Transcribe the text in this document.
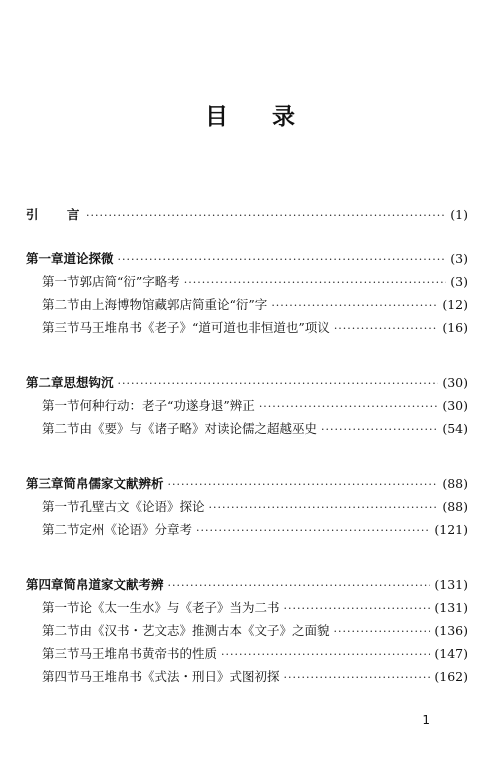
目 录
引 言 ·····	(1)
第一章 道论探微 ·····	(3)
第一节 郭店简“衍”字略考 ·····	(3)
第二节 由上海博物馆藏郭店简重论“衍”字 ·····	(12)
第三节 马王堆帛书《老子》“道可道也非恒道也”项议 ·····	(16)
第二章 思想钩沉 ·····	(30)
第一节 何种行动：老子“功遂身退”辨正 ·····	(30)
第二节 由《要》与《诸子略》对读论儒之超越巫史 ·····	(54)
第三章 简帛儒家文献辨析 ·····	(88)
第一节 孔壁古文《论语》探论 ·····	(88)
第二节 定州《论语》分章考 ·····	(121)
第四章 简帛道家文献考辨 ·····	(131)
第一节 论《太一生水》与《老子》当为二书 ·····	(131)
第二节 由《汉书・艺文志》推测古本《文子》之面貌 ·····	(136)
第三节 马王堆帛书黄帝书的性质 ·····	(147)
第四节 马王堆帛书《式法・刑日》式图初探 ·····	(162)
1
